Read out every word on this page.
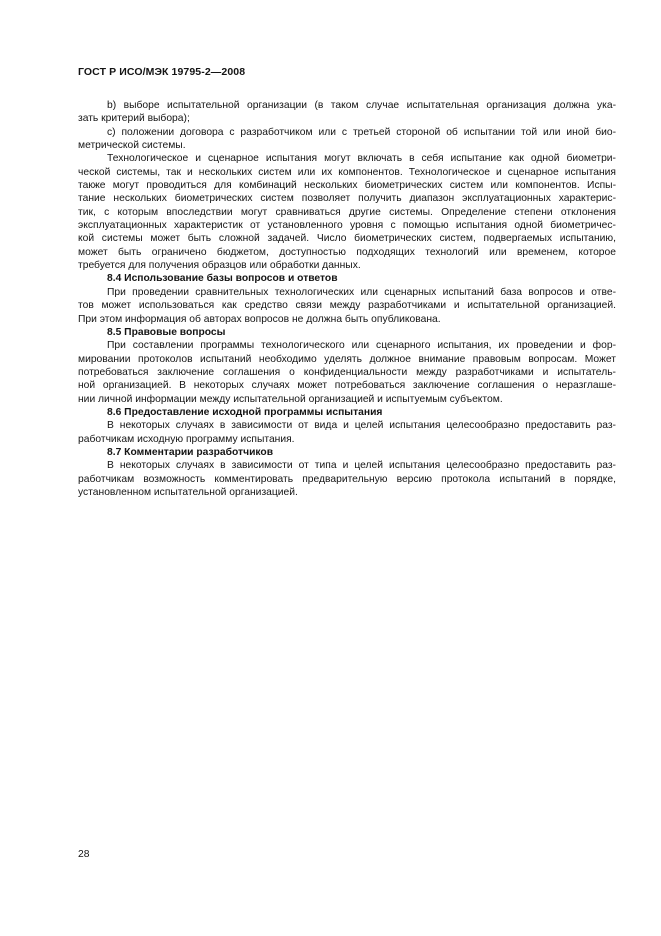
ГОСТ Р ИСО/МЭК 19795-2—2008
b) выборе испытательной организации (в таком случае испытательная организация должна ука-
зать критерий выбора);
c) положении договора с разработчиком или с третьей стороной об испытании той или иной био-
метрической системы.
Технологическое и сценарное испытания могут включать в себя испытание как одной биометри-
ческой системы, так и нескольких систем или их компонентов. Технологическое и сценарное испытания
также могут проводиться для комбинаций нескольких биометрических систем или компонентов. Испы-
тание нескольких биометрических систем позволяет получить диапазон эксплуатационных характерис-
тик, с которым впоследствии могут сравниваться другие системы. Определение степени отклонения
эксплуатационных характеристик от установленного уровня с помощью испытания одной биометричес-
кой системы может быть сложной задачей. Число биометрических систем, подвергаемых испытанию,
может быть ограничено бюджетом, доступностью подходящих технологий или временем, которое
требуется для получения образцов или обработки данных.
8.4 Использование базы вопросов и ответов
При проведении сравнительных технологических или сценарных испытаний база вопросов и отве-
тов может использоваться как средство связи между разработчиками и испытательной организацией.
При этом информация об авторах вопросов не должна быть опубликована.
8.5 Правовые вопросы
При составлении программы технологического или сценарного испытания, их проведении и фор-
мировании протоколов испытаний необходимо уделять должное внимание правовым вопросам. Может
потребоваться заключение соглашения о конфиденциальности между разработчиками и испытатель-
ной организацией. В некоторых случаях может потребоваться заключение соглашения о неразглаше-
нии личной информации между испытательной организацией и испытуемым субъектом.
8.6 Предоставление исходной программы испытания
В некоторых случаях в зависимости от вида и целей испытания целесообразно предоставить раз-
работчикам исходную программу испытания.
8.7 Комментарии разработчиков
В некоторых случаях в зависимости от типа и целей испытания целесообразно предоставить раз-
работчикам возможность комментировать предварительную версию протокола испытаний в порядке,
установленном испытательной организацией.
28
